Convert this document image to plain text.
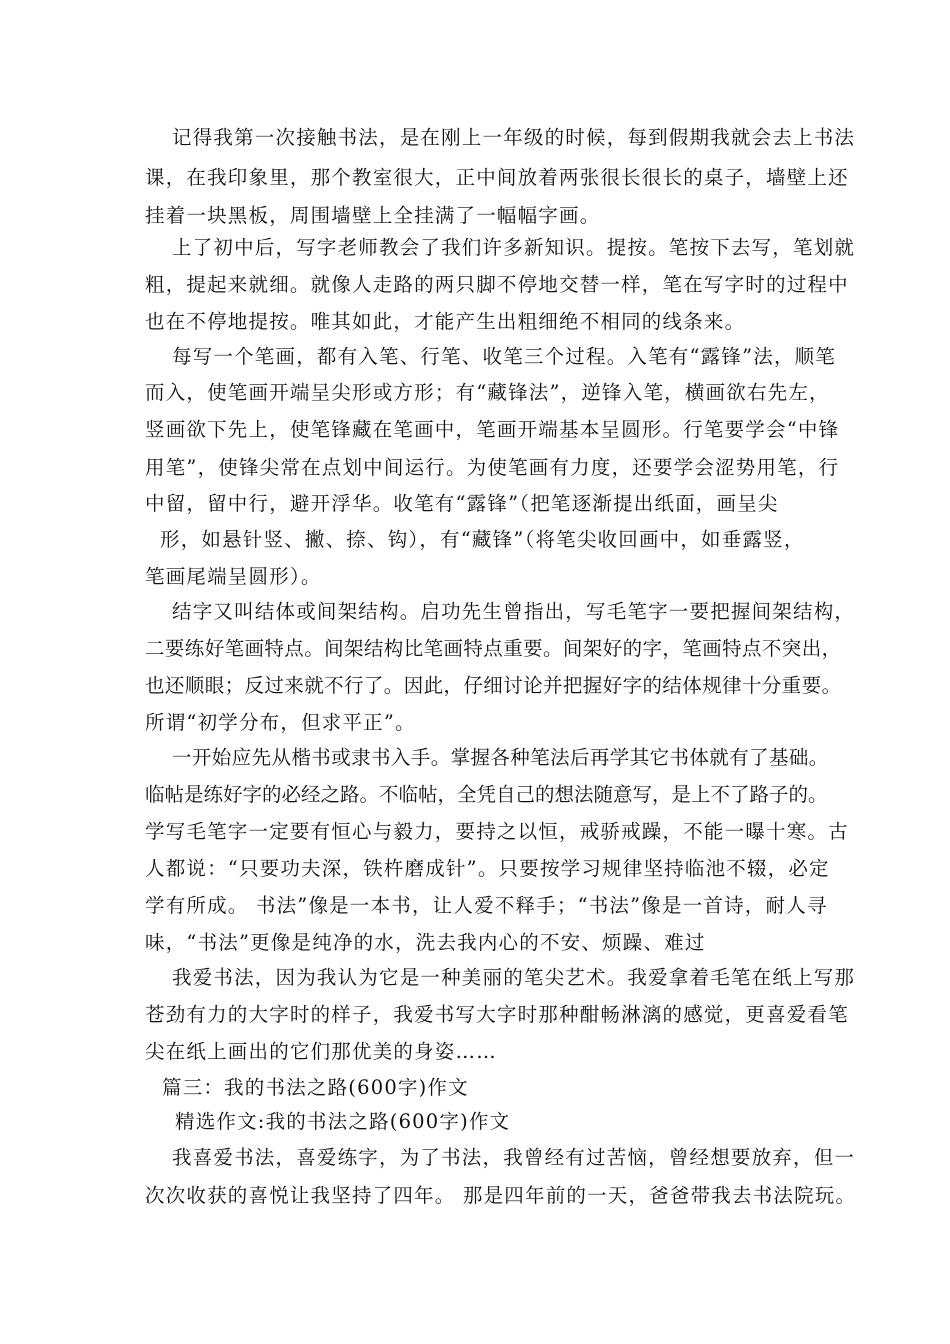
记得我第一次接触书法，是在刚上一年级的时候，每到假期我就会去上书法
课，在我印象里，那个教室很大，正中间放着两张很长很长的桌子，墙壁上还
挂着一块黑板，周围墙壁上全挂满了一幅幅字画。
上了初中后，写字老师教会了我们许多新知识。提按。笔按下去写，笔划就
粗，提起来就细。就像人走路的两只脚不停地交替一样，笔在写字时的过程中
也在不停地提按。唯其如此，才能产生出粗细绝不相同的线条来。
每写一个笔画，都有入笔、行笔、收笔三个过程。入笔有“露锋”法，顺笔
而入，使笔画开端呈尖形或方形；有“藏锋法”，逆锋入笔，横画欲右先左，
竖画欲下先上，使笔锋藏在笔画中，笔画开端基本呈圆形。行笔要学会“中锋
用笔”，使锋尖常在点划中间运行。为使笔画有力度，还要学会涩势用笔，行
中留，留中行，避开浮华。收笔有“露锋”（把笔逐渐提出纸面，画呈尖
形，如悬针竖、撇、捺、钩），有“藏锋”（将笔尖收回画中，如垂露竖，
笔画尾端呈圆形）。
结字又叫结体或间架结构。启功先生曾指出，写毛笔字一要把握间架结构，
二要练好笔画特点。间架结构比笔画特点重要。间架好的字，笔画特点不突出，
也还顺眼；反过来就不行了。因此，仔细讨论并把握好字的结体规律十分重要。
所谓“初学分布，但求平正”。
一开始应先从楷书或隶书入手。掌握各种笔法后再学其它书体就有了基础。
临帖是练好字的必经之路。不临帖，全凭自己的想法随意写，是上不了路子的。
学写毛笔字一定要有恒心与毅力，要持之以恒，戒骄戒躁，不能一曝十寒。古
人都说：“只要功夫深，铁杵磨成针”。只要按学习规律坚持临池不辍，必定
学有所成。 书法”像是一本书，让人爱不释手；“书法”像是一首诗，耐人寻
味，“书法”更像是纯净的水，洗去我内心的不安、烦躁、难过
我爱书法，因为我认为它是一种美丽的笔尖艺术。我爱拿着毛笔在纸上写那
苍劲有力的大字时的样子，我爱书写大字时那种酣畅淋漓的感觉，更喜爱看笔
尖在纸上画出的它们那优美的身姿……
篇三：我的书法之路(600字)作文
精选作文:我的书法之路(600字)作文
我喜爱书法，喜爱练字，为了书法，我曾经有过苦恼，曾经想要放弃，但一
次次收获的喜悦让我坚持了四年。 那是四年前的一天，爸爸带我去书法院玩。
